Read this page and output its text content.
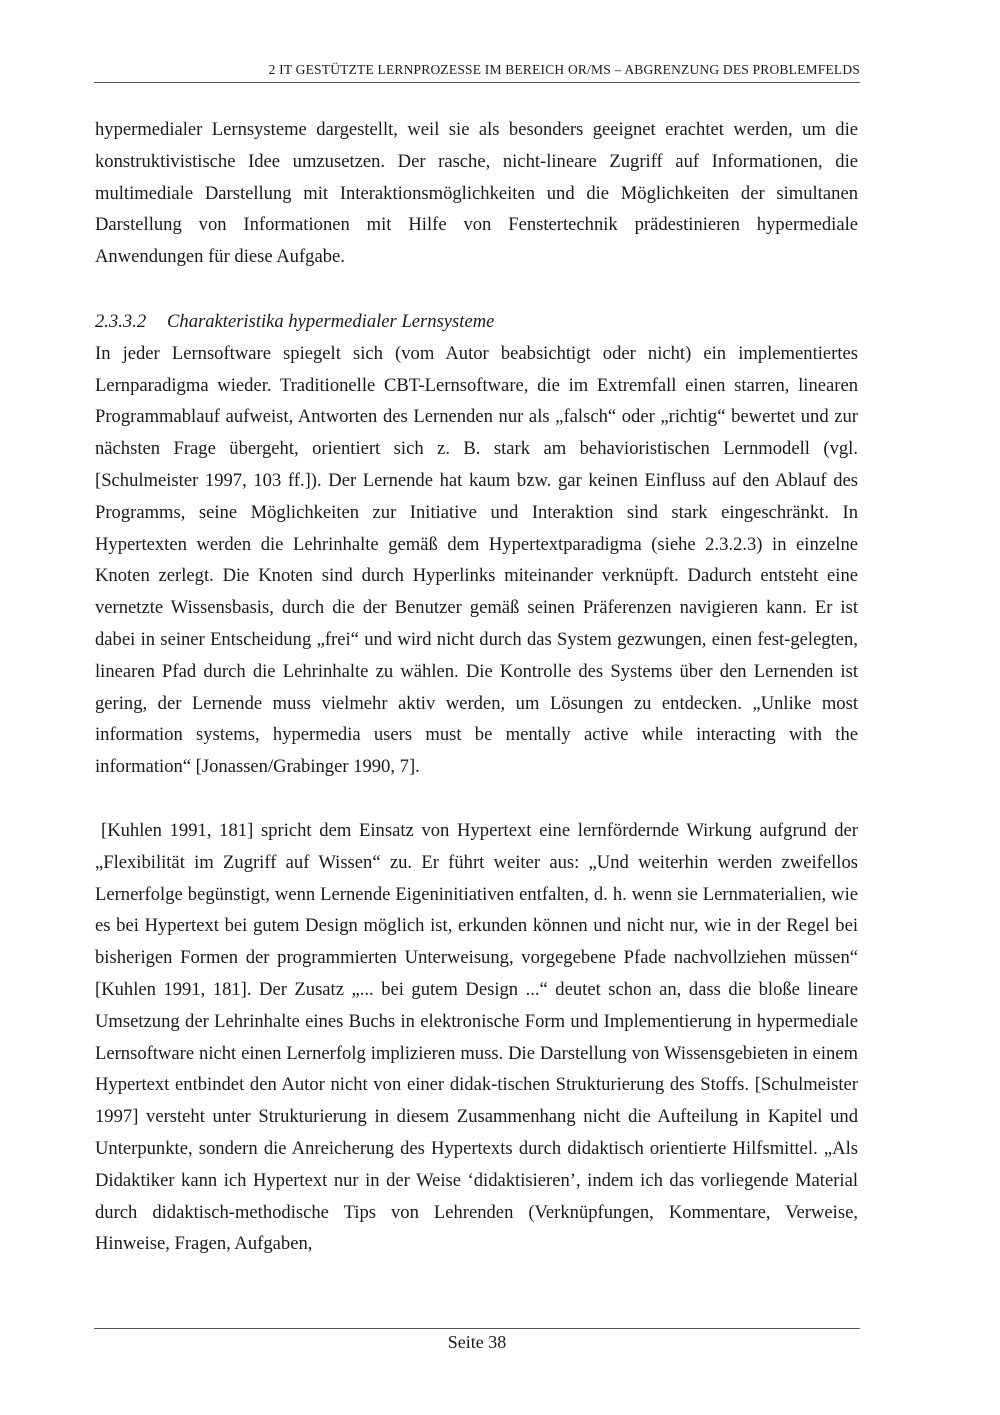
2 IT GESTÜTZTE LERNPROZESSE IM BEREICH OR/MS – ABGRENZUNG DES PROBLEMFELDS

hypermedialer Lernsysteme dargestellt, weil sie als besonders geeignet erachtet werden, um die konstruktivistische Idee umzusetzen. Der rasche, nicht-lineare Zugriff auf Informationen, die multimediale Darstellung mit Interaktionsmöglichkeiten und die Möglichkeiten der simultanen Darstellung von Informationen mit Hilfe von Fenstertechnik prädestinieren hypermediale Anwendungen für diese Aufgabe.

2.3.3.2 Charakteristika hypermedialer Lernsysteme

In jeder Lernsoftware spiegelt sich (vom Autor beabsichtigt oder nicht) ein implementiertes Lernparadigma wieder. Traditionelle CBT-Lernsoftware, die im Extremfall einen starren, linearen Programmablauf aufweist, Antworten des Lernenden nur als „falsch“ oder „richtig“ bewertet und zur nächsten Frage übergeht, orientiert sich z. B. stark am behavioristischen Lernmodell (vgl. [Schulmeister 1997, 103 ff.]). Der Lernende hat kaum bzw. gar keinen Einfluss auf den Ablauf des Programms, seine Möglichkeiten zur Initiative und Interaktion sind stark eingeschränkt. In Hypertexten werden die Lehrinhalte gemäß dem Hypertextparadigma (siehe 2.3.2.3) in einzelne Knoten zerlegt. Die Knoten sind durch Hyperlinks miteinander verknüpft. Dadurch entsteht eine vernetzte Wissensbasis, durch die der Benutzer gemäß seinen Präferenzen navigieren kann. Er ist dabei in seiner Entscheidung „frei“ und wird nicht durch das System gezwungen, einen fest-gelegten, linearen Pfad durch die Lehrinhalte zu wählen. Die Kontrolle des Systems über den Lernenden ist gering, der Lernende muss vielmehr aktiv werden, um Lösungen zu entdecken. „Unlike most information systems, hypermedia users must be mentally active while interacting with the information“ [Jonassen/Grabinger 1990, 7].

[Kuhlen 1991, 181] spricht dem Einsatz von Hypertext eine lernfördernde Wirkung aufgrund der „Flexibilität im Zugriff auf Wissen“ zu. Er führt weiter aus: „Und weiterhin werden zweifellos Lernerfolge begünstigt, wenn Lernende Eigeninitiativen entfalten, d. h. wenn sie Lernmaterialien, wie es bei Hypertext bei gutem Design möglich ist, erkunden können und nicht nur, wie in der Regel bei bisherigen Formen der programmierten Unterweisung, vorgegebene Pfade nachvollziehen müssen“ [Kuhlen 1991, 181]. Der Zusatz „... bei gutem Design ...“ deutet schon an, dass die bloße lineare Umsetzung der Lehrinhalte eines Buchs in elektronische Form und Implementierung in hypermediale Lernsoftware nicht einen Lernerfolg implizieren muss. Die Darstellung von Wissensgebieten in einem Hypertext entbindet den Autor nicht von einer didak-tischen Strukturierung des Stoffs. [Schulmeister 1997] versteht unter Strukturierung in diesem Zusammenhang nicht die Aufteilung in Kapitel und Unterpunkte, sondern die Anreicherung des Hypertexts durch didaktisch orientierte Hilfsmittel. „Als Didaktiker kann ich Hypertext nur in der Weise ‘didaktisieren’, indem ich das vorliegende Material durch didaktisch-methodische Tips von Lehrenden (Verknüpfungen, Kommentare, Verweise, Hinweise, Fragen, Aufgaben,

Seite 38
